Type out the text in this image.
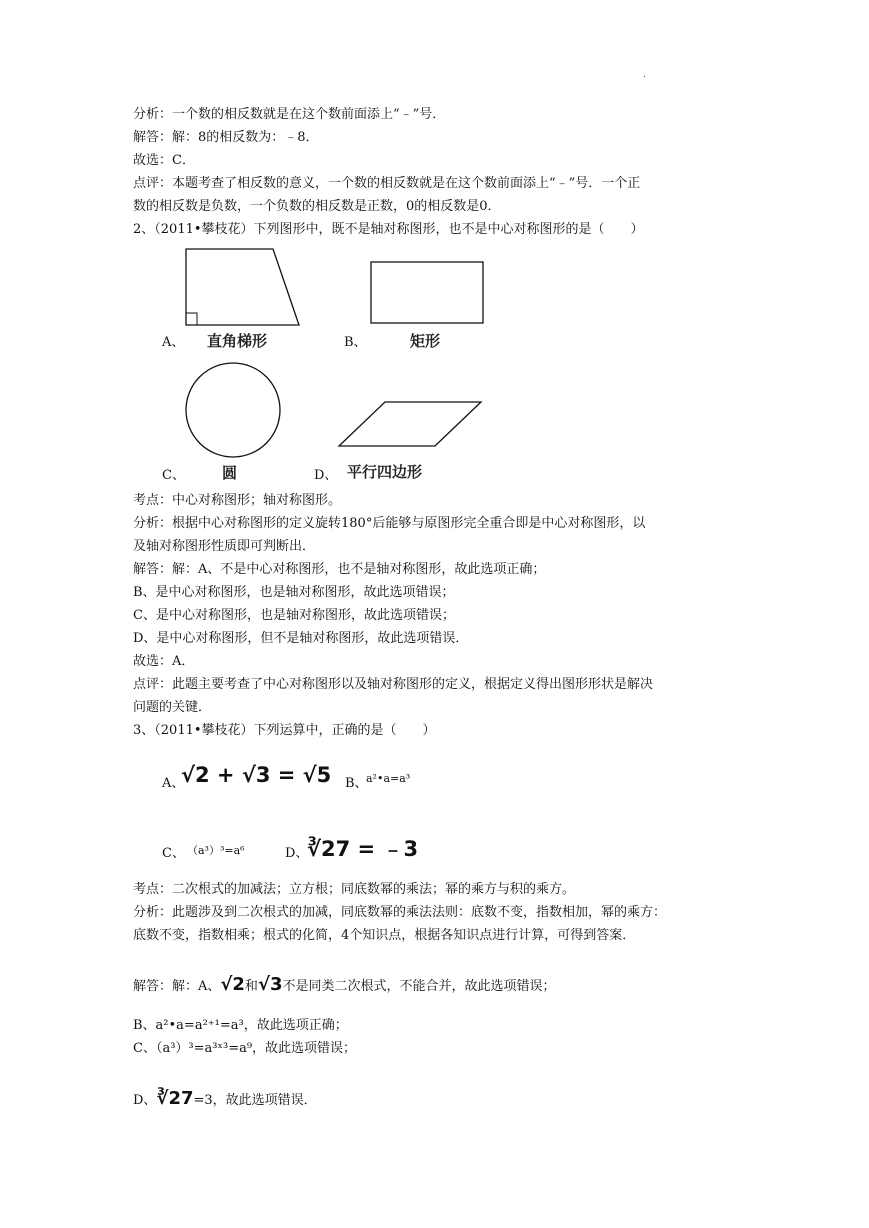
.
分析：一个数的相反数就是在这个数前面添上“﹣”号．
解答：解：8的相反数为：﹣8．
故选：C．
点评：本题考查了相反数的意义，一个数的相反数就是在这个数前面添上“﹣”号．一个正
数的相反数是负数，一个负数的相反数是正数，0的相反数是0．
2、（2011•攀枝花）下列图形中，既不是轴对称图形，也不是中心对称图形的是（　　）
A、 直角梯形	B、	矩形
C、 圆	D、 平行四边形
考点：中心对称图形；轴对称图形。
分析：根据中心对称图形的定义旋转180°后能够与原图形完全重合即是中心对称图形，以
及轴对称图形性质即可判断出．
解答：解：A、不是中心对称图形，也不是轴对称图形，故此选项正确；
B、是中心对称图形，也是轴对称图形，故此选项错误；
C、是中心对称图形，也是轴对称图形，故此选项错误；
D、是中心对称图形，但不是轴对称图形，故此选项错误．
故选：A．
点评：此题主要考查了中心对称图形以及轴对称图形的定义，根据定义得出图形形状是解决
问题的关键．
3、（2011•攀枝花）下列运算中，正确的是（　　）
A、
√2 + √3 = √5 B、
a²•a=a³
C、 （a³）³=a⁶	D、
∛27 = ﹣3
考点：二次根式的加减法；立方根；同底数幂的乘法；幂的乘方与积的乘方。
分析：此题涉及到二次根式的加减，同底数幂的乘法法则：底数不变，指数相加，幂的乘方：
底数不变，指数相乘；根式的化简，4个知识点，根据各知识点进行计算，可得到答案．
解答：解：A、√2和√3不是同类二次根式，不能合并，故此选项错误；
B、a²•a=a²⁺¹=a³，故此选项正确；
C、（a³）³=a³ˣ³=a⁹，故此选项错误；
D、∛27=3，故此选项错误．
